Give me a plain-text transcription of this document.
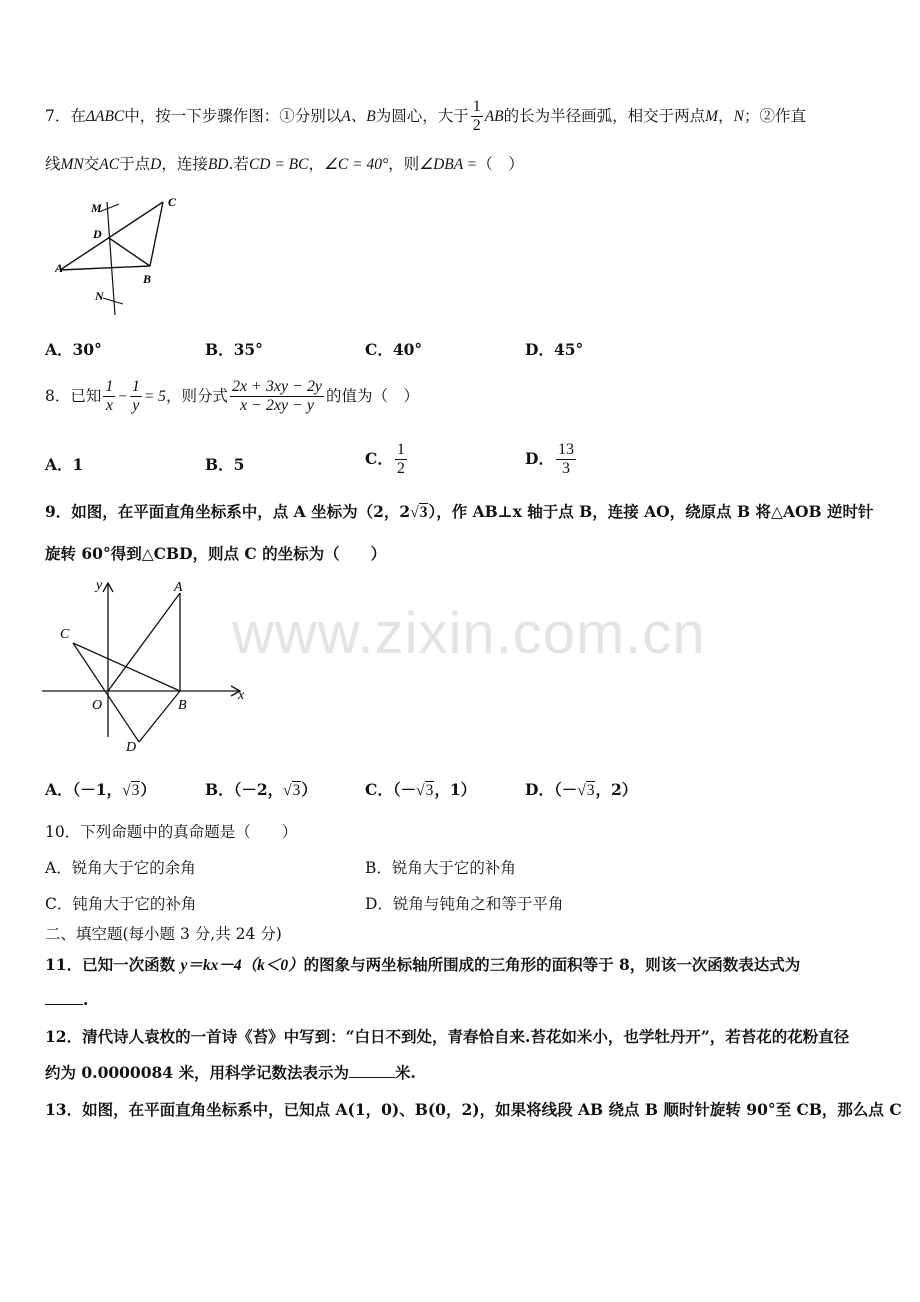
www.zixin.com.cn
7．在ΔABC中，按一下步骤作图：①分别以A、B为圆心，大于 $\frac{1}{2}$ AB的长为半径画弧，相交于两点M，N；②作直
线MN交AC于点D，连接BD.若CD = BC，∠C = 40°，则∠DBA =（　）
M	C
D
A
B
N
A．30°	B．35°	C．40°	D．45°
8．已知 $\frac{1}{x} - \frac{1}{y} = 5$，则分式 $\frac{2x + 3xy - 2y}{x - 2xy - y}$ 的值为（　）
A．1	B．5	C． $\frac{1}{2}$	D． $\frac{13}{3}$
9．如图，在平面直角坐标系中，点 A 坐标为（2，2√3），作 AB⊥x 轴于点 B，连接 AO，绕原点 B 将△AOB 逆时针
旋转 60°得到△CBD，则点 C 的坐标为（　　）
y	A
C
O	B
x
D
A．（－1，√3）	B．（－2，√3）	C．（－√3，1）	D．（－√3，2）
10．下列命题中的真命题是（　　）
A．锐角大于它的余角	B．锐角大于它的补角
C．钝角大于它的补角	D．锐角与钝角之和等于平角
二、填空题(每小题 3 分,共 24 分)
11．已知一次函数 y＝kx－4（k＜0）的图象与两坐标轴所围成的三角形的面积等于 8，则该一次函数表达式为
.
12．清代诗人袁枚的一首诗《苔》中写到：“白日不到处，青春恰自来.苔花如米小，也学牡丹开”，若苔花的花粉直径
约为 0.0000084 米，用科学记数法表示为	米.
13．如图，在平面直角坐标系中，已知点 A(1，0)、B(0，2)，如果将线段 AB 绕点 B 顺时针旋转 90°至 CB，那么点 C
